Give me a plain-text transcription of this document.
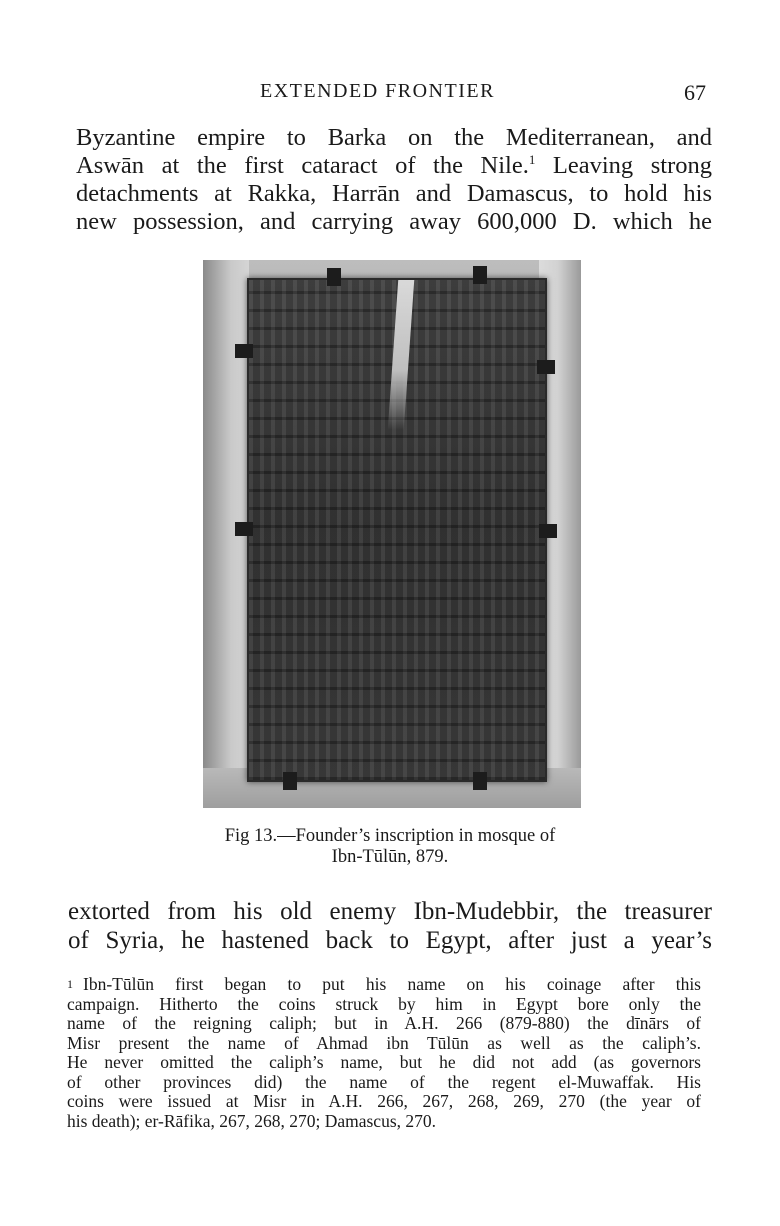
EXTENDED FRONTIER	67
Byzantine empire to Barka on the Mediterranean, and
Aswān at the first cataract of the Nile.$^1$ Leaving strong
detachments at Rakka, Harrān and Damascus, to hold his
new possession, and carrying away 600,000 D. which he
Fig 13.—Founder’s inscription in mosque of
Ibn-Tūlūn, 879.
extorted from his old enemy Ibn-Mudebbir, the treasurer
of Syria, he hastened back to Egypt, after just a year’s
$^1$ Ibn-Tūlūn first began to put his name on his coinage after this
campaign. Hitherto the coins struck by him in Egypt bore only the
name of the reigning caliph; but in A.H. 266 (879-880) the dīnārs of
Misr present the name of Ahmad ibn Tūlūn as well as the caliph’s.
He never omitted the caliph’s name, but he did not add (as governors
of other provinces did) the name of the regent el-Muwaffak. His
coins were issued at Misr in A.H. 266, 267, 268, 269, 270 (the year of
his death); er-Rāfika, 267, 268, 270; Damascus, 270.
